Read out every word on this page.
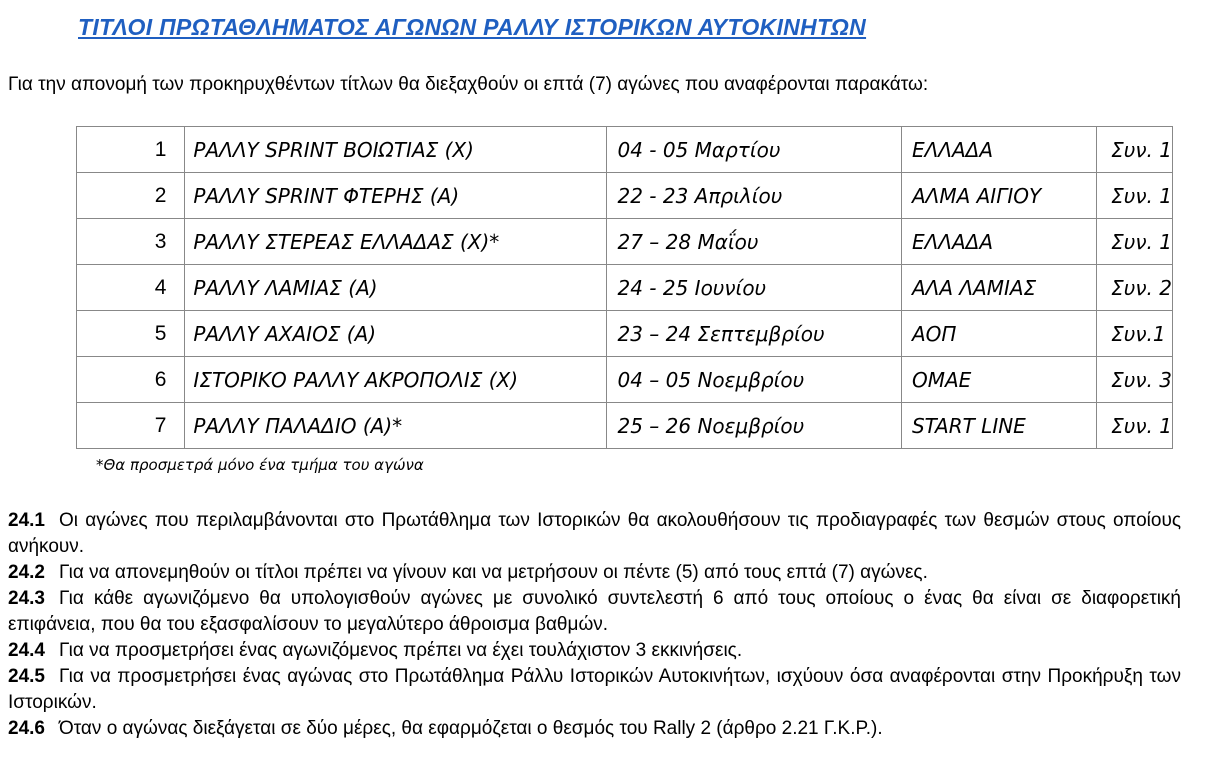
ΤΙΤΛΟΙ ΠΡΩΤΑΘΛΗΜΑΤΟΣ ΑΓΩΝΩΝ ΡΑΛΛΥ ΙΣΤΟΡΙΚΩΝ ΑΥΤΟΚΙΝΗΤΩΝ
Για την απονομή των προκηρυχθέντων τίτλων θα διεξαχθούν οι επτά (7) αγώνες που αναφέρονται παρακάτω:
1	ΡΑΛΛΥ SPRINT ΒΟΙΩΤΙΑΣ (Χ)	04 - 05 Μαρτίου	ΕΛΛΑΔΑ	Συν. 1
2	ΡΑΛΛΥ SPRINT ΦΤΕΡΗΣ (Α)	22 - 23 Απριλίου	ΑΛΜΑ ΑΙΓΙΟΥ	Συν. 1
3	ΡΑΛΛΥ ΣΤΕΡΕΑΣ ΕΛΛΑΔΑΣ (Χ)*	27 – 28 Μαΐου	ΕΛΛΑΔΑ	Συν. 1
4	ΡΑΛΛΥ ΛΑΜΙΑΣ (Α)	24 - 25 Ιουνίου	ΑΛΑ ΛΑΜΙΑΣ	Συν. 2
5	ΡΑΛΛΥ ΑΧΑΙΟΣ (Α)	23 – 24 Σεπτεμβρίου	ΑΟΠ	Συν.1
6	ΙΣΤΟΡΙΚΟ ΡΑΛΛΥ ΑΚΡΟΠΟΛΙΣ (Χ)	04 – 05 Νοεμβρίου	ΟΜΑΕ	Συν. 3
7	ΡΑΛΛΥ ΠΑΛΑΔΙΟ (Α)*	25 – 26 Νοεμβρίου	START LINE	Συν. 1
*Θα προσμετρά μόνο ένα τμήμα του αγώνα

24.1 Οι αγώνες που περιλαμβάνονται στο Πρωτάθλημα των Ιστορικών θα ακολουθήσουν τις προδιαγραφές των θεσμών στους οποίους ανήκουν.

24.2 Για να απονεμηθούν οι τίτλοι πρέπει να γίνουν και να μετρήσουν οι πέντε (5) από τους επτά (7) αγώνες.

24.3 Για κάθε αγωνιζόμενο θα υπολογισθούν αγώνες με συνολικό συντελεστή 6 από τους οποίους ο ένας θα είναι σε διαφορετική επιφάνεια, που θα του εξασφαλίσουν το μεγαλύτερο άθροισμα βαθμών.

24.4 Για να προσμετρήσει ένας αγωνιζόμενος πρέπει να έχει τουλάχιστον 3 εκκινήσεις.

24.5 Για να προσμετρήσει ένας αγώνας στο Πρωτάθλημα Ράλλυ Ιστορικών Αυτοκινήτων, ισχύουν όσα αναφέρονται στην Προκήρυξη των Ιστορικών.

24.6 Όταν ο αγώνας διεξάγεται σε δύο μέρες, θα εφαρμόζεται ο θεσμός του Rally 2 (άρθρο 2.21 Γ.Κ.Ρ.).
